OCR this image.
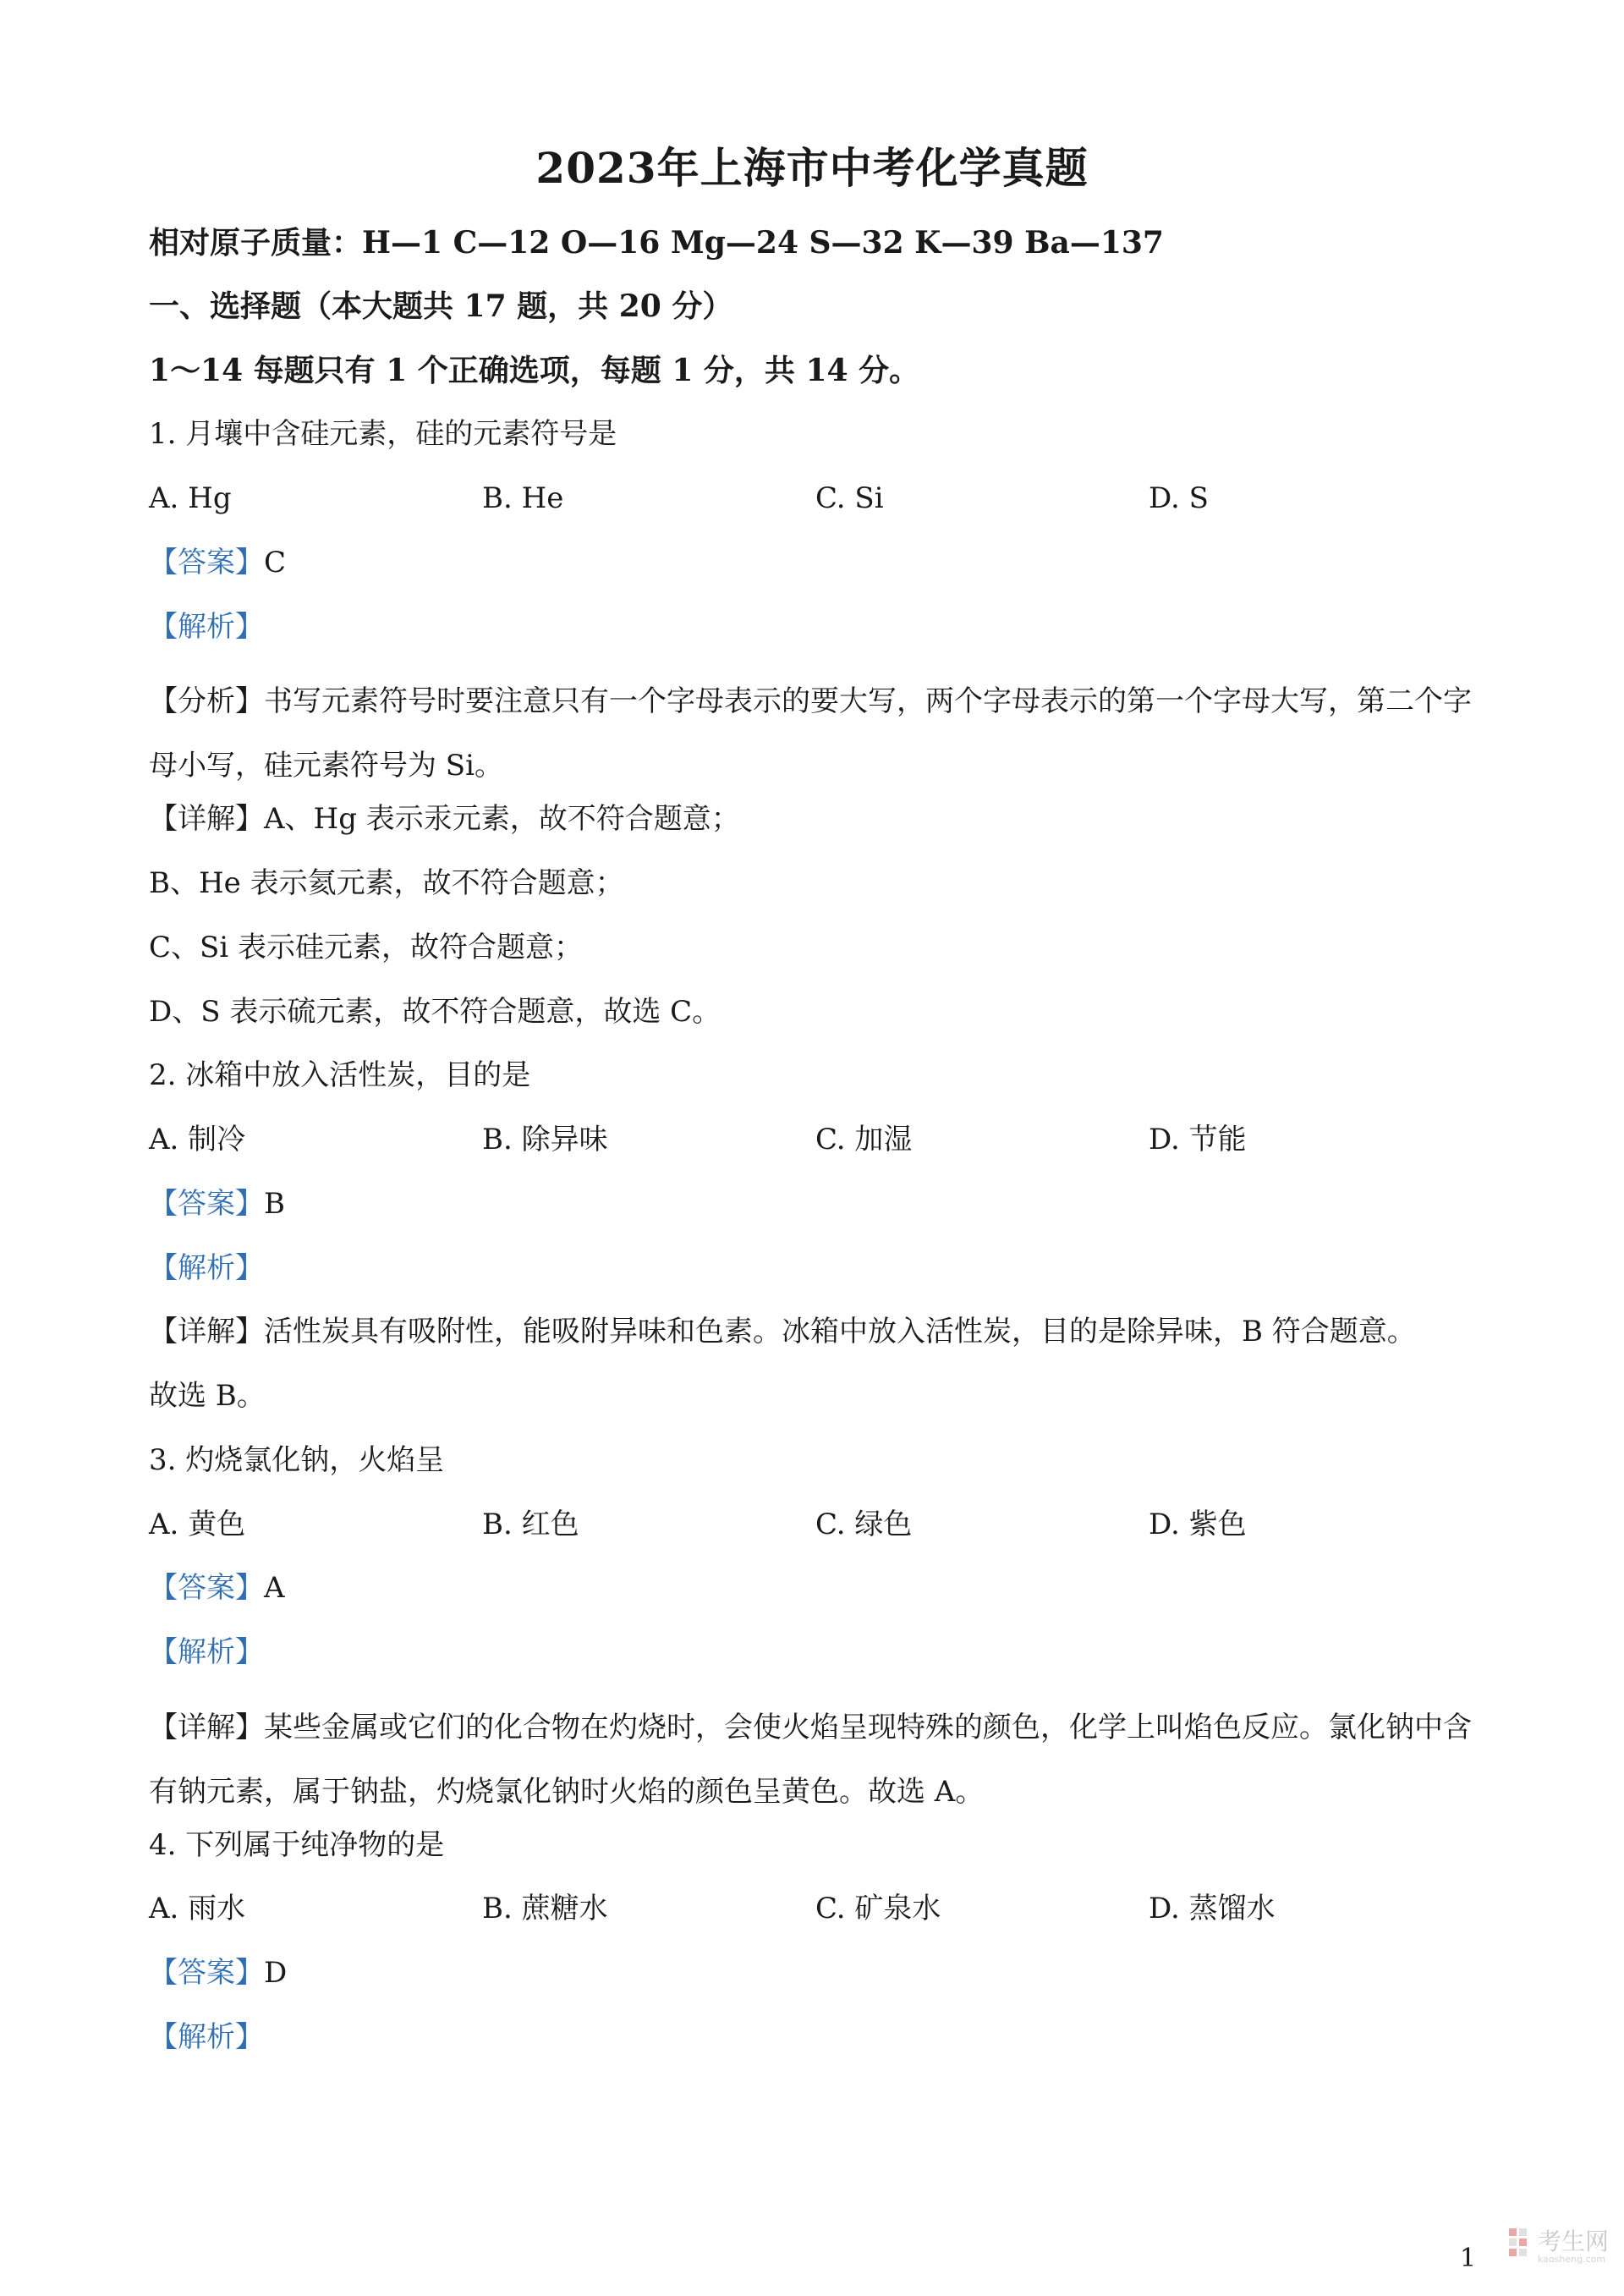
2023年上海市中考化学真题
相对原子质量：H—1 C—12 O—16 Mg—24 S—32 K—39 Ba—137
一、选择题（本大题共 17 题，共 20 分）
1～14 每题只有 1 个正确选项，每题 1 分，共 14 分。
1. 月壤中含硅元素，硅的元素符号是
A. Hg	B. He	C. Si	D. S
【答案】C
【解析】
【分析】书写元素符号时要注意只有一个字母表示的要大写，两个字母表示的第一个字母大写，第二个字母小写，硅元素符号为 Si。
【详解】A、Hg 表示汞元素，故不符合题意；
B、He 表示氦元素，故不符合题意；
C、Si 表示硅元素，故符合题意；
D、S 表示硫元素，故不符合题意，故选 C。
2. 冰箱中放入活性炭，目的是
A. 制冷	B. 除异味	C. 加湿	D. 节能
【答案】B
【解析】
【详解】活性炭具有吸附性，能吸附异味和色素。冰箱中放入活性炭，目的是除异味，B 符合题意。
故选 B。
3. 灼烧氯化钠，火焰呈
A. 黄色	B. 红色	C. 绿色	D. 紫色
【答案】A
【解析】
【详解】某些金属或它们的化合物在灼烧时，会使火焰呈现特殊的颜色，化学上叫焰色反应。氯化钠中含有钠元素，属于钠盐，灼烧氯化钠时火焰的颜色呈黄色。故选 A。
4. 下列属于纯净物的是
A. 雨水	B. 蔗糖水	C. 矿泉水	D. 蒸馏水
【答案】D
【解析】
1
考生网
kaosheng.com
